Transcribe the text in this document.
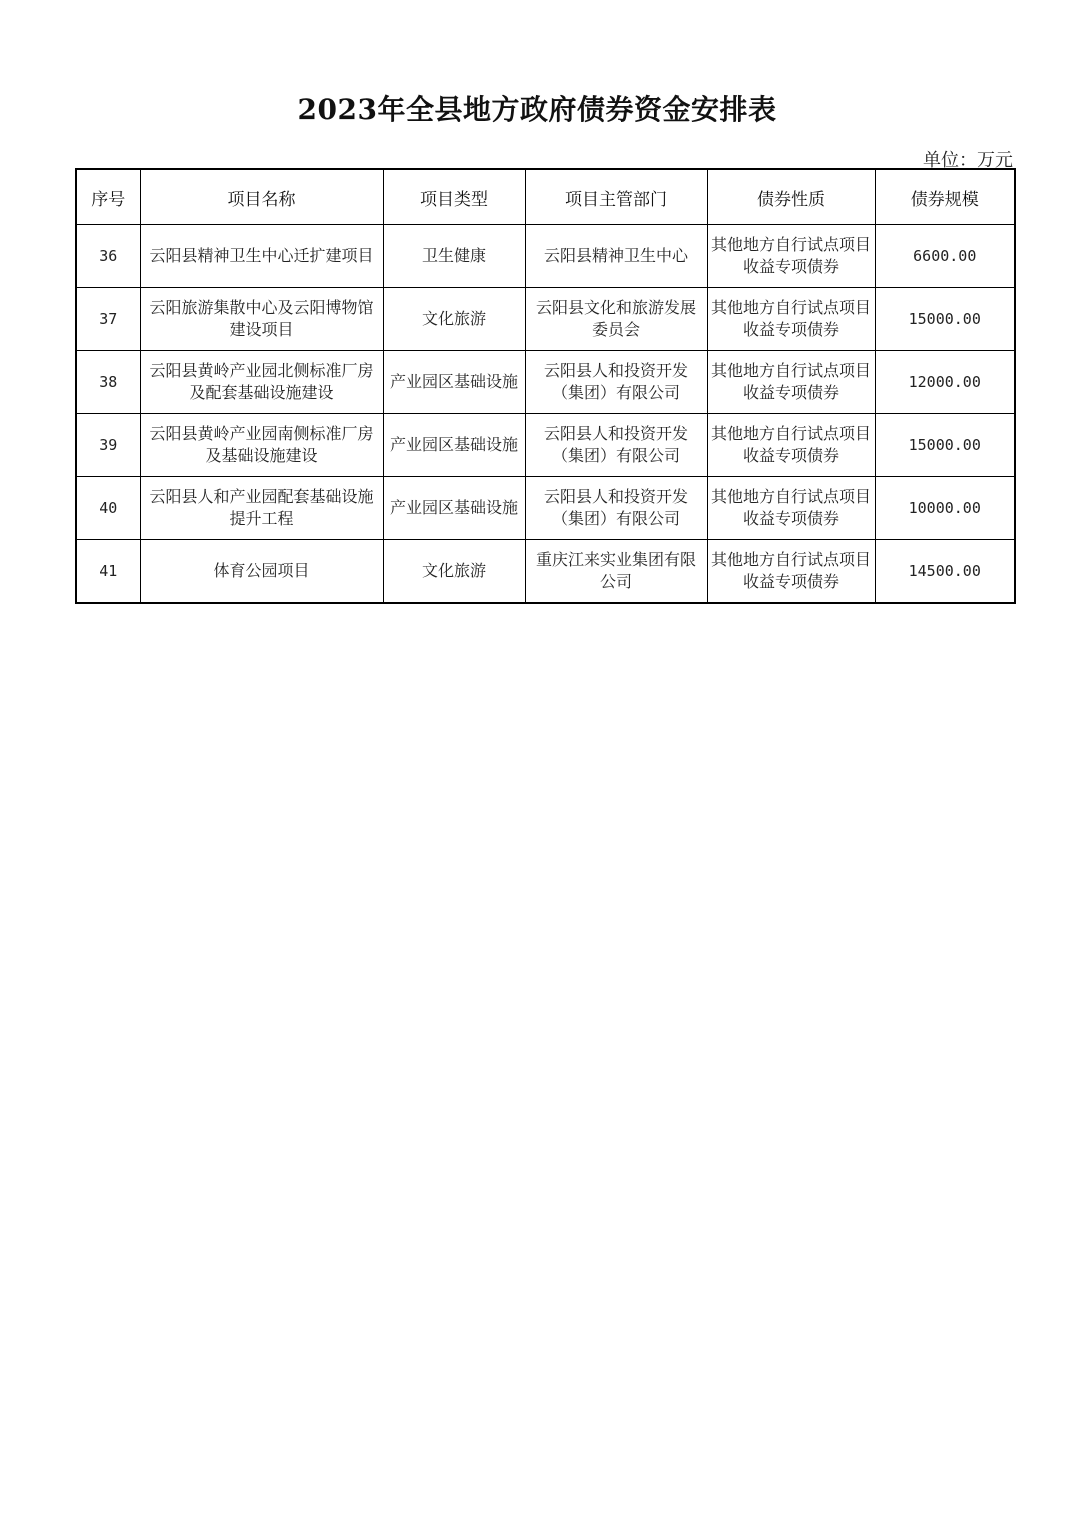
2023年全县地方政府债券资金安排表
单位：万元
序号	项目名称	项目类型	项目主管部门	债券性质	债券规模
36	云阳县精神卫生中心迁扩建项目	卫生健康	云阳县精神卫生中心	其他地方自行试点项目收益专项债券	6600.00
37	云阳旅游集散中心及云阳博物馆建设项目	文化旅游	云阳县文化和旅游发展委员会	其他地方自行试点项目收益专项债券	15000.00
38	云阳县黄岭产业园北侧标准厂房及配套基础设施建设	产业园区基础设施	云阳县人和投资开发（集团）有限公司	其他地方自行试点项目收益专项债券	12000.00
39	云阳县黄岭产业园南侧标准厂房及基础设施建设	产业园区基础设施	云阳县人和投资开发（集团）有限公司	其他地方自行试点项目收益专项债券	15000.00
40	云阳县人和产业园配套基础设施提升工程	产业园区基础设施	云阳县人和投资开发（集团）有限公司	其他地方自行试点项目收益专项债券	10000.00
41	体育公园项目	文化旅游	重庆江来实业集团有限公司	其他地方自行试点项目收益专项债券	14500.00
